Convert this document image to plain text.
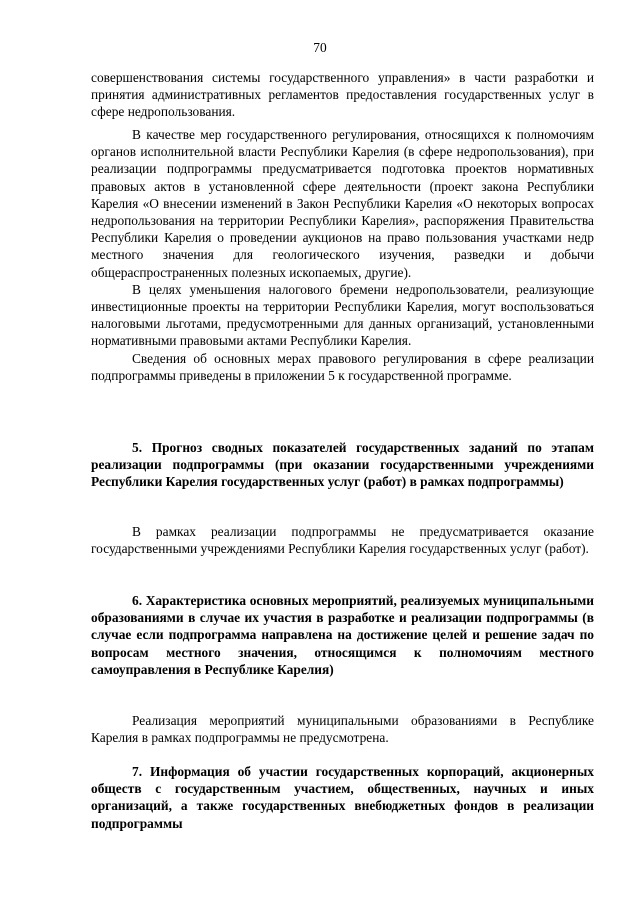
70

совершенствования системы государственного управления» в части разработки и принятия административных регламентов предоставления государственных услуг в сфере недропользования.

В качестве мер государственного регулирования, относящихся к полномочиям органов исполнительной власти Республики Карелия (в сфере недропользования), при реализации подпрограммы предусматривается подготовка проектов нормативных правовых актов в установленной сфере деятельности (проект закона Республики Карелия «О внесении изменений в Закон Республики Карелия «О некоторых вопросах недропользования на территории Республики Карелия», распоряжения Правительства Республики Карелия о проведении аукционов на право пользования участками недр местного значения для геологического изучения, разведки и добычи общераспространенных полезных ископаемых, другие).

В целях уменьшения налогового бремени недропользователи, реализующие инвестиционные проекты на территории Республики Карелия, могут воспользоваться налоговыми льготами, предусмотренными для данных организаций, установленными нормативными правовыми актами Республики Карелия.

Сведения об основных мерах правового регулирования в сфере реализации подпрограммы приведены в приложении 5 к государственной программе.

5. Прогноз сводных показателей государственных заданий по этапам реализации подпрограммы (при оказании государственными учреждениями Республики Карелия государственных услуг (работ) в рамках подпрограммы)

В рамках реализации подпрограммы не предусматривается оказание государственными учреждениями Республики Карелия государственных услуг (работ).

6. Характеристика основных мероприятий, реализуемых муниципальными образованиями в случае их участия в разработке и реализации подпрограммы (в случае если подпрограмма направлена на достижение целей и решение задач по вопросам местного значения, относящимся к полномочиям местного самоуправления в Республике Карелия)

Реализация мероприятий муниципальными образованиями в Республике Карелия в рамках подпрограммы не предусмотрена.

7. Информация об участии государственных корпораций, акционерных обществ с государственным участием, общественных, научных и иных организаций, а также государственных внебюджетных фондов в реализации подпрограммы
